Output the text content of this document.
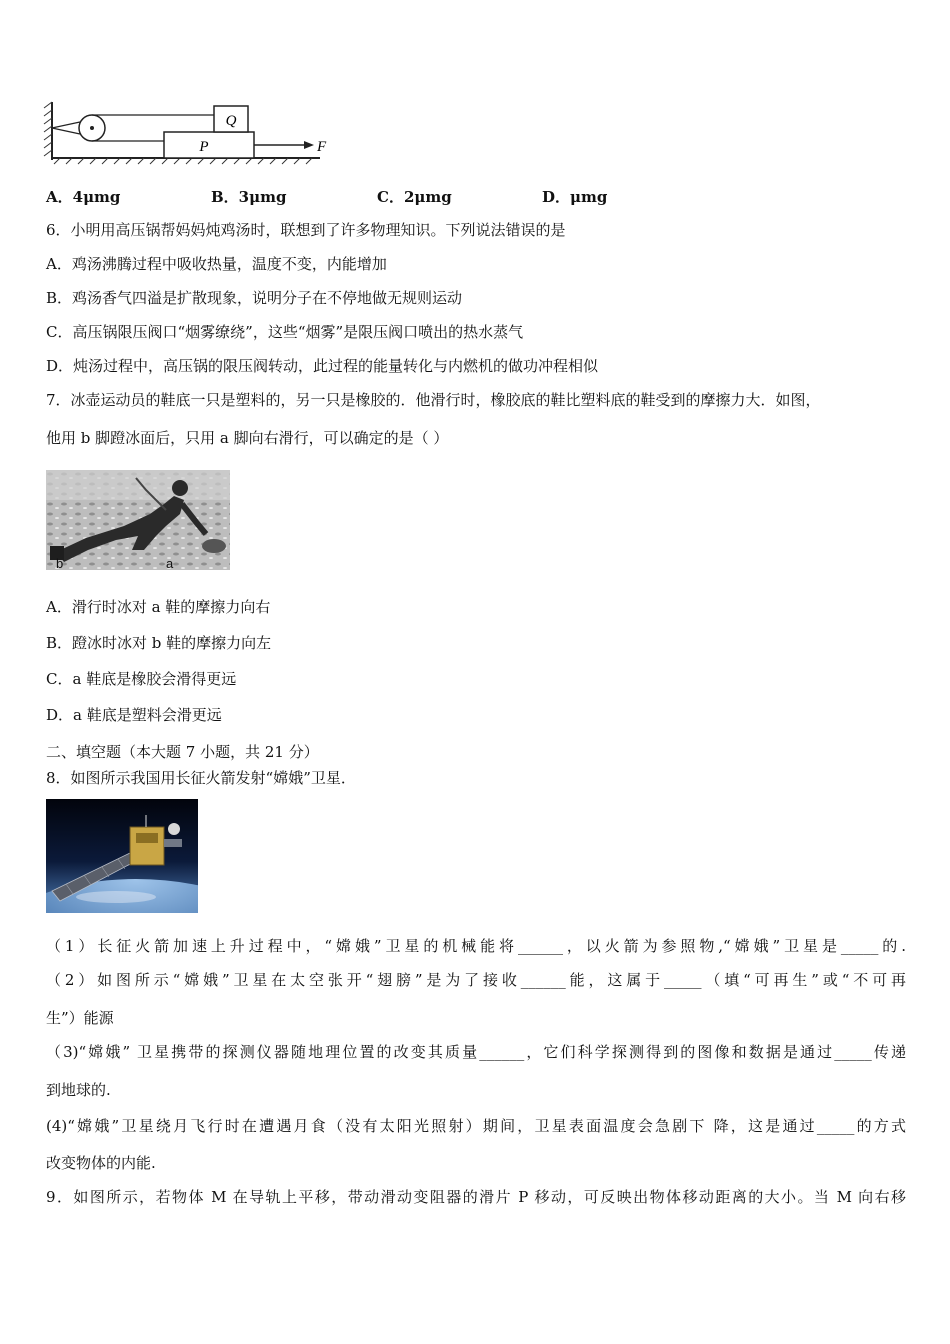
Q
P	F
A．4μmg	B．3μmg	C．2μmg	D．μmg
6．小明用高压锅帮妈妈炖鸡汤时，联想到了许多物理知识。下列说法错误的是
A．鸡汤沸腾过程中吸收热量，温度不变，内能增加
B．鸡汤香气四溢是扩散现象，说明分子在不停地做无规则运动
C．高压锅限压阀口“烟雾缭绕”，这些“烟雾”是限压阀口喷出的热水蒸气
D．炖汤过程中，高压锅的限压阀转动，此过程的能量转化与内燃机的做功冲程相似
7．冰壶运动员的鞋底一只是塑料的，另一只是橡胶的．他滑行时，橡胶底的鞋比塑料底的鞋受到的摩擦力大．如图，
他用 b 脚蹬冰面后，只用 a 脚向右滑行，可以确定的是（ ）
b	a
A．滑行时冰对 a 鞋的摩擦力向右
B．蹬冰时冰对 b 鞋的摩擦力向左
C．a 鞋底是橡胶会滑得更远
D．a 鞋底是塑料会滑更远
二、填空题（本大题 7 小题，共 21 分）
8．如图所示我国用长征火箭发射“嫦娥”卫星．
（1）长征火箭加速上升过程中，“嫦娥”卫星的机械能将______，以火箭为参照物,“嫦娥”卫星是_____的.
（2）如图所示“嫦娥”卫星在太空张开“翅膀”是为了接收______能，这属于_____（填“可再生”或“不可再
生”）能源
（3)“嫦娥” 卫星携带的探测仪器随地理位置的改变其质量______，它们科学探测得到的图像和数据是通过_____传递
到地球的.
(4)“嫦娥”卫星绕月飞行时在遭遇月食（没有太阳光照射）期间，卫星表面温度会急剧下 降，这是通过_____的方式
改变物体的内能.
9．如图所示，若物体 M 在导轨上平移，带动滑动变阻器的滑片 P 移动，可反映出物体移动距离的大小。当 M 向右移
